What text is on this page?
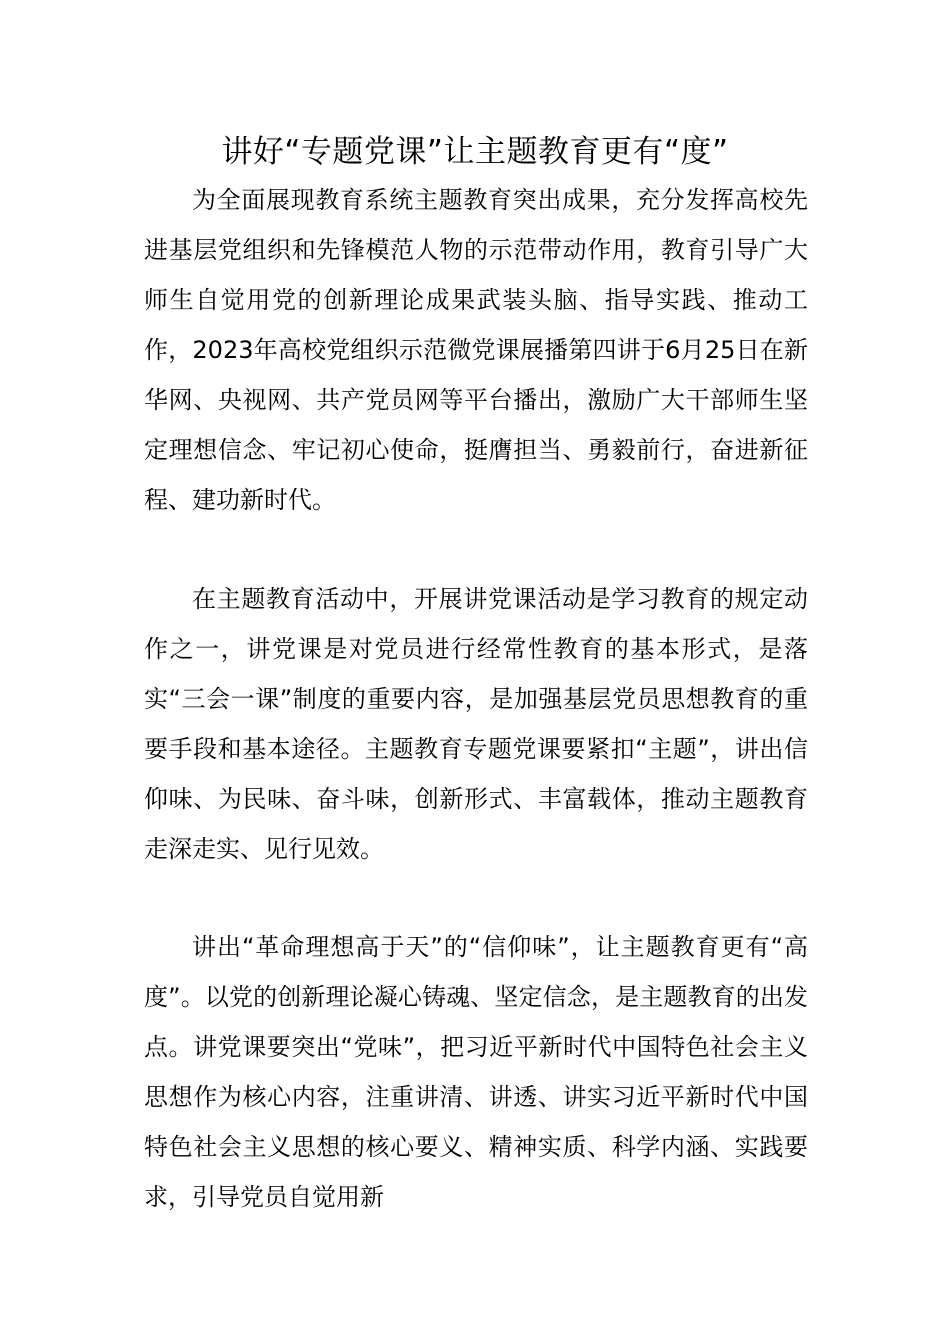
讲好“专题党课”让主题教育更有“度”

为全面展现教育系统主题教育突出成果，充分发挥高校先进基层党组织和先锋模范人物的示范带动作用，教育引导广大师生自觉用党的创新理论成果武装头脑、指导实践、推动工作，2023年高校党组织示范微党课展播第四讲于6月25日在新华网、央视网、共产党员网等平台播出，激励广大干部师生坚定理想信念、牢记初心使命，挺膺担当、勇毅前行，奋进新征程、建功新时代。

在主题教育活动中，开展讲党课活动是学习教育的规定动作之一，讲党课是对党员进行经常性教育的基本形式，是落实“三会一课”制度的重要内容，是加强基层党员思想教育的重要手段和基本途径。主题教育专题党课要紧扣“主题”，讲出信仰味、为民味、奋斗味，创新形式、丰富载体，推动主题教育走深走实、见行见效。

讲出“革命理想高于天”的“信仰味”，让主题教育更有“高度”。以党的创新理论凝心铸魂、坚定信念，是主题教育的出发点。讲党课要突出“党味”，把习近平新时代中国特色社会主义思想作为核心内容，注重讲清、讲透、讲实习近平新时代中国特色社会主义思想的核心要义、精神实质、科学内涵、实践要求，引导党员自觉用新
